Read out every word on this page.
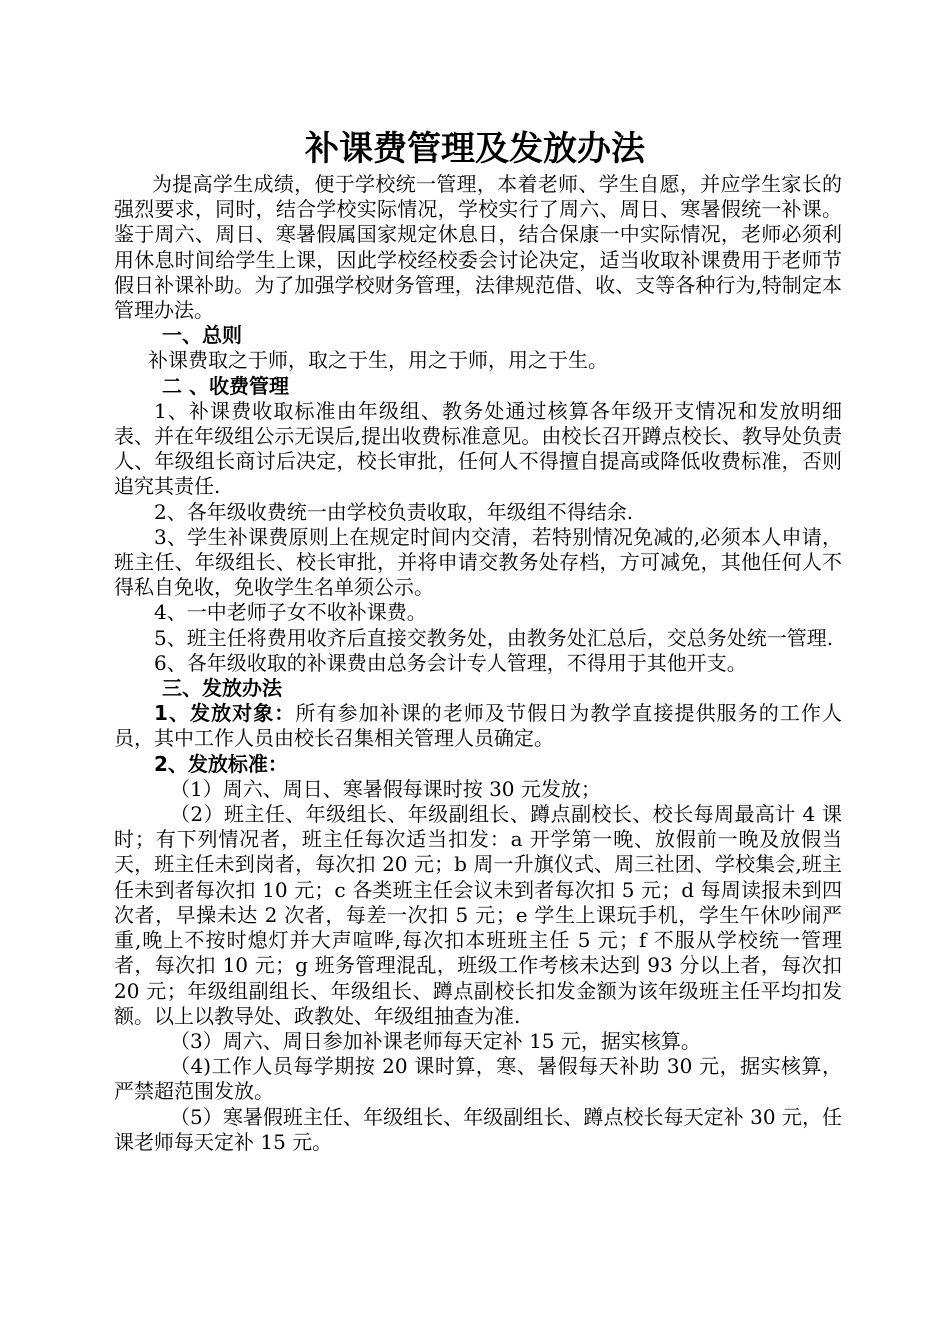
补课费管理及发放办法

为提高学生成绩，便于学校统一管理，本着老师、学生自愿，并应学生家长的强烈要求，同时，结合学校实际情况，学校实行了周六、周日、寒暑假统一补课。鉴于周六、周日、寒暑假属国家规定休息日，结合保康一中实际情况，老师必须利用休息时间给学生上课，因此学校经校委会讨论决定，适当收取补课费用于老师节假日补课补助。为了加强学校财务管理，法律规范借、收、支等各种行为,特制定本管理办法。

一、总则

补课费取之于师，取之于生，用之于师，用之于生。

二 、收费管理

1、补课费收取标准由年级组、教务处通过核算各年级开支情况和发放明细表、并在年级组公示无误后,提出收费标准意见。由校长召开蹲点校长、教导处负责人、年级组长商讨后决定，校长审批，任何人不得擅自提高或降低收费标准，否则追究其责任.

2、各年级收费统一由学校负责收取，年级组不得结余.

3、学生补课费原则上在规定时间内交清，若特别情况免减的,必须本人申请，班主任、年级组长、校长审批，并将申请交教务处存档，方可减免，其他任何人不得私自免收，免收学生名单须公示。

4、一中老师子女不收补课费。

5、班主任将费用收齐后直接交教务处，由教务处汇总后，交总务处统一管理.

6、各年级收取的补课费由总务会计专人管理，不得用于其他开支。

三、发放办法

1、发放对象：所有参加补课的老师及节假日为教学直接提供服务的工作人员，其中工作人员由校长召集相关管理人员确定。

2、发放标准：

（1）周六、周日、寒暑假每课时按 30 元发放；

（2）班主任、年级组长、年级副组长、蹲点副校长、校长每周最高计 4 课时；有下列情况者，班主任每次适当扣发：a 开学第一晚、放假前一晚及放假当天，班主任未到岗者，每次扣 20 元；b 周一升旗仪式、周三社团、学校集会,班主任未到者每次扣 10 元；c 各类班主任会议未到者每次扣 5 元；d 每周读报未到四次者，早操未达 2 次者，每差一次扣 5 元；e 学生上课玩手机，学生午休吵闹严重,晚上不按时熄灯并大声喧哗,每次扣本班班主任 5 元；f 不服从学校统一管理者，每次扣 10 元；g 班务管理混乱，班级工作考核未达到 93 分以上者，每次扣 20 元；年级组副组长、年级组长、蹲点副校长扣发金额为该年级班主任平均扣发额。以上以教导处、政教处、年级组抽查为准.

（3）周六、周日参加补课老师每天定补 15 元，据实核算。

（4)工作人员每学期按 20 课时算，寒、暑假每天补助 30 元，据实核算，严禁超范围发放。

（5）寒暑假班主任、年级组长、年级副组长、蹲点校长每天定补 30 元，任课老师每天定补 15 元。
